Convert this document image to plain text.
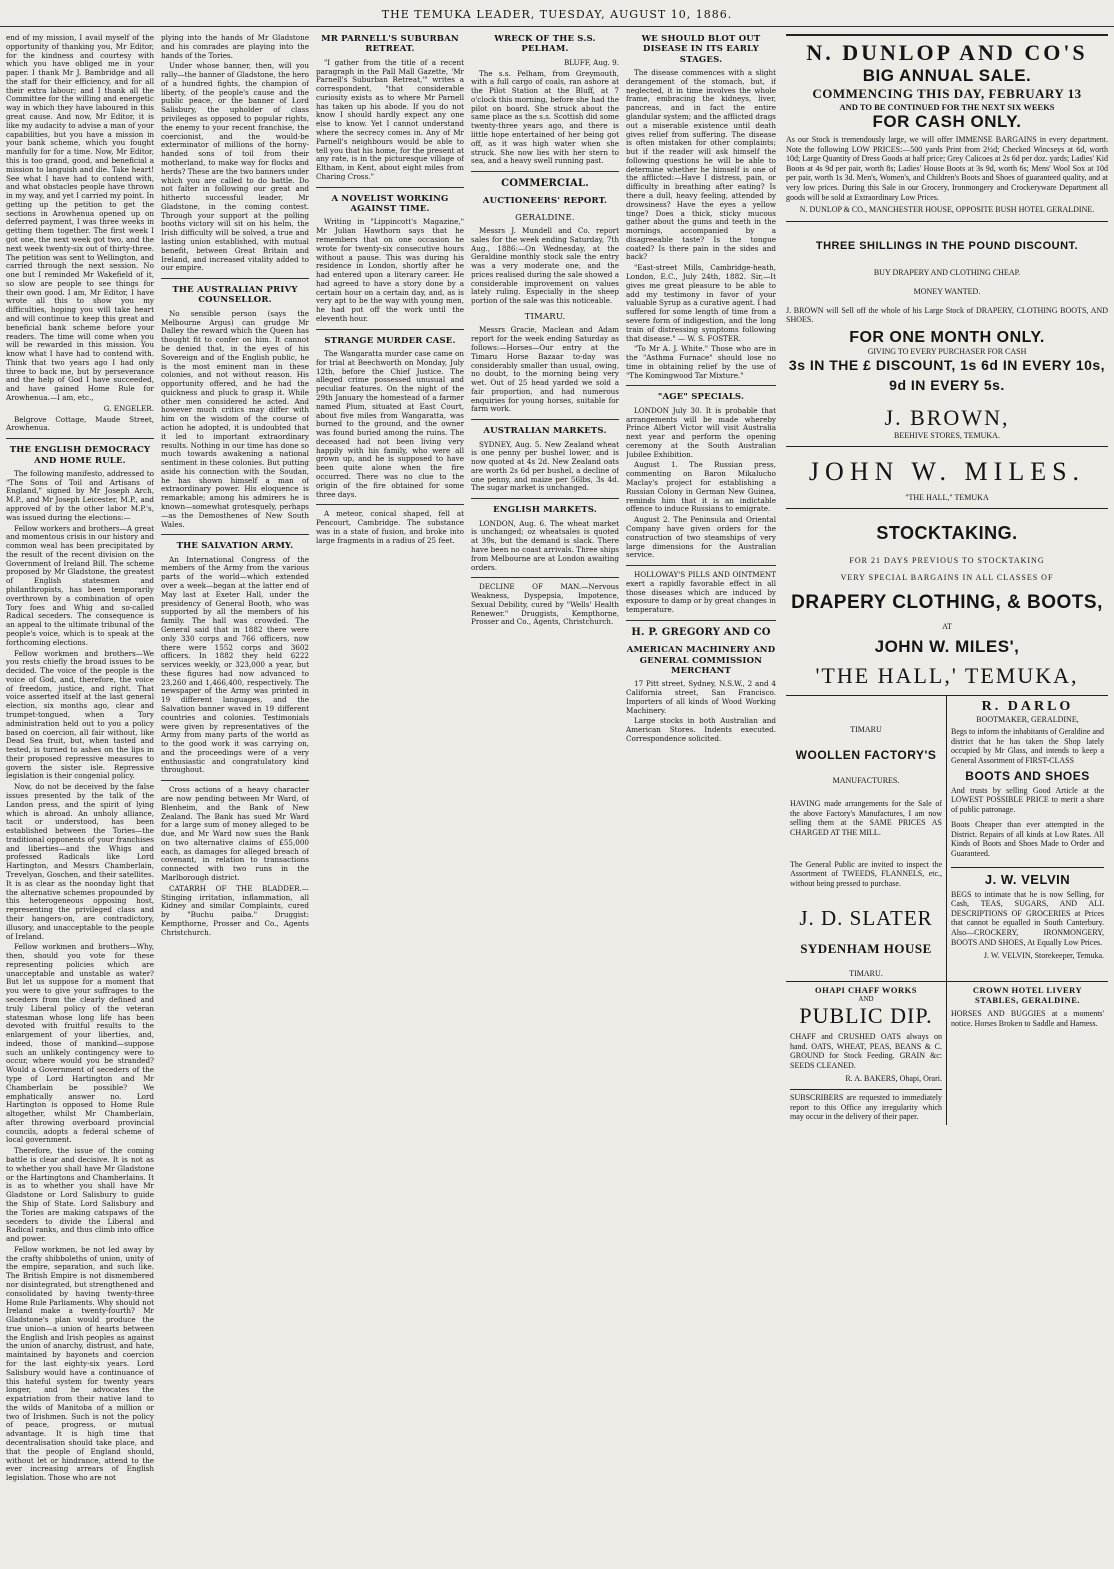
THE TEMUKA LEADER, TUESDAY, AUGUST 10, 1886.

end of my mission, I avail myself of the opportunity of thanking you, Mr Editor, for the kindness and courtesy with which you have obliged me in your paper. I thank Mr J. Bambridge and all the staff for their efficiency, and for all their extra labour; and I thank all the Committee for the willing and energetic way in which they have laboured in this great cause. And now, Mr Editor, it is like my audacity to advise a man of your capabilities, but you have a mission in your bank scheme, which you fought manfully for for a time. Now, Mr Editor, this is too grand, good, and beneficial a mission to languish and die. Take heart! See what I have had to contend with, and what obstacles people have thrown in my way, and yet I carried my point. In getting up the petition to get the sections in Arowhenua opened up on deferred payment, I was three weeks in getting them together. The first week I got one, the next week got two, and the next week twenty-six out of thirty-three. The petition was sent to Wellington, and carried through the next session. No one but I reminded Mr Wakefield of it, so slow are people to see things for their own good. I am, Mr Editor, I have wrote all this to show you my difficulties, hoping you will take heart and will continue to keep this great and beneficial bank scheme before your readers. The time will come when you will be rewarded in this mission. You know what I have had to contend with. Think that two years ago I had only three to back me, but by perseverance and the help of God I have succeeded, and have gained Home Rule for Arowhenua.—I am, etc.,

G. ENGELER.

Belgrove Cottage, Maude Street, Arowhenua.

THE ENGLISH DEMOCRACY AND HOME RULE.

The following manifesto, addressed to "The Sons of Toil and Artisans of England," signed by Mr Joseph Arch, M.P., and Mr Joseph Leicester, M.P., and approved of by the other labor M.P.'s, was issued during the elections:—

Fellow workers and brothers—A great and momentous crisis in our history and common weal has been precipitated by the result of the recent division on the Government of Ireland Bill. The scheme proposed by Mr Gladstone, the greatest of English statesmen and philanthropists, has been temporarily overthrown by a combination of open Tory foes and Whig and so-called Radical seceders. The consequence is an appeal to the ultimate tribunal of the people's voice, which is to speak at the forthcoming elections.

Fellow workmen and brothers—We you rests chiefly the broad issues to be decided. The voice of the people is the voice of God, and, therefore, the voice of freedom, justice, and right. That voice asserted itself at the last general election, six months ago, clear and trumpet-tongued, when a Tory administration held out to you a policy based on coercion, all fair without, like Dead Sea fruit, but, when tasted and tested, is turned to ashes on the lips in their proposed repressive measures to govern the sister isle. Repressive legislation is their congenial policy.

Now, do not be deceived by the false issues presented by the talk of the Landon press, and the spirit of lying which is abroad. An unholy alliance, tacit or understood, has been established between the Tories—the traditional opponents of your franchises and liberties—and the Whigs and professed Radicals like Lord Hartington, and Messrs Chamberlain, Trevelyan, Goschen, and their satellites. It is as clear as the noonday light that the alternative schemes propounded by this heterogeneous opposing host, representing the privileged class and their hangers-on, are contradictory, illusory, and unacceptable to the people of Ireland.

Fellow workmen and brothers—Why, then, should you vote for these representing policies which are unacceptable and unstable as water? But let us suppose for a moment that you were to give your suffrages to the seceders from the clearly defined and truly Liberal policy of the veteran statesman whose long life has been devoted with fruitful results to the enlargement of your liberties, and, indeed, those of mankind—suppose such an unlikely contingency were to occur, where would you be stranded? Would a Government of seceders of the type of Lord Hartington and Mr Chamberlain be possible? We emphatically answer no. Lord Hartington is opposed to Home Rule altogether, whilst Mr Chamberlain, after throwing overboard provincial councils, adopts a federal scheme of local government.

Therefore, the issue of the coming battle is clear and decisive. It is not as to whether you shall have Mr Gladstone or the Hartingtons and Chamberlains. It is as to whether you shall have Mr Gladstone or Lord Salisbury to guide the Ship of State. Lord Salisbury and the Tories are making catspaws of the seceders to divide the Liberal and Radical ranks, and thus climb into office and power.

Fellow workmen, be not led away by the crafty shibboleths of union, unity of the empire, separation, and such like. The British Empire is not dismembered nor disintegrated, but strengthened and consolidated by having twenty-three Home Rule Parliaments. Why should not Ireland make a twenty-fourth? Mr Gladstone's plan would produce the true union—a union of hearts between the English and Irish peoples as against the union of anarchy, distrust, and hate, maintained by bayonets and coercion for the last eighty-six years. Lord Salisbury would have a continuance of this hateful system for twenty years longer, and he advocates the expatriation from their native land to the wilds of Manitoba of a million or two of Irishmen. Such is not the policy of peace, progress, or mutual advantage. It is high time that decentralisation should take place, and that the people of England should, without let or hindrance, attend to the ever increasing arrears of English legislation. Those who are not

plying into the hands of Mr Gladstone and his comrades are playing into the hands of the Tories.

Under whose banner, then, will you rally—the banner of Gladstone, the hero of a hundred fights, the champion of liberty, of the people's cause and the public peace, or the banner of Lord Salisbury, the upholder of class privileges as opposed to popular rights, the enemy to your recent franchise, the coercionist, and the would-be exterminator of millions of the horny-handed sons of toil from their motherland, to make way for flocks and herds? These are the two banners under which you are called to do battle. Do not falter in following our great and hitherto successful leader, Mr Gladstone, in the coming contest. Through your support at the polling booths victory will sit on his helm, the Irish difficulty will be solved, a true and lasting union established, with mutual benefit, between Great Britain and Ireland, and increased vitality added to our empire.

THE AUSTRALIAN PRIVY COUNSELLOR.

No sensible person (says the Melbourne Argus) can grudge Mr Dalley the reward which the Queen has thought fit to confer on him. It cannot be denied that, in the eyes of his Sovereign and of the English public, he is the most eminent man in these colonies, and not without reason. His opportunity offered, and he had the quickness and pluck to grasp it. While other men considered he acted. And however much critics may differ with him on the wisdom of the course of action he adopted, it is undoubted that it led to important extraordinary results. Nothing in our time has done so much towards awakening a national sentiment in these colonies. But putting aside his connection with the Soudan, he has shown himself a man of extraordinary power. His eloquence is remarkable; among his admirers he is known—somewhat grotesquely, perhaps—as the Demosthenes of New South Wales.

THE SALVATION ARMY.

An International Congress of the members of the Army from the various parts of the world—which extended over a week—began at the latter end of May last at Exeter Hall, under the presidency of General Booth, who was supported by all the members of his family. The hall was crowded. The General said that in 1882 there were only 330 corps and 766 officers, now there were 1552 corps and 3602 officers. In 1882 they held 6222 services weekly, or 323,000 a year, but these figures had now advanced to 23,260 and 1,466,400, respectively. The newspaper of the Army was printed in 19 different languages, and the Salvation banner waved in 19 different countries and colonies. Testimonials were given by representatives of the Army from many parts of the world as to the good work it was carrying on, and the proceedings were of a very enthusiastic and congratulatory kind throughout.

Cross actions of a heavy character are now pending between Mr Ward, of Blenheim, and the Bank of New Zealand. The Bank has sued Mr Ward for a large sum of money alleged to be due, and Mr Ward now sues the Bank on two alternative claims of £55,000 each, as damages for alleged breach of covenant, in relation to transactions connected with two runs in the Marlborough district.

CATARRH OF THE BLADDER.—Stinging irritation, inflammation, all Kidney and similar Complaints, cured by "Buchu paiba." Druggist: Kempthorne, Prosser and Co., Agents Christchurch.

MR PARNELL'S SUBURBAN RETREAT.

"I gather from the title of a recent paragraph in the Pall Mall Gazette, 'Mr Parnell's Suburban Retreat,'" writes a correspondent, "that considerable curiosity exists as to where Mr Parnell has taken up his abode. If you do not know I should hardly expect any one else to know. Yet I cannot understand where the secrecy comes in. Any of Mr Parnell's neighbours would be able to tell you that his home, for the present at any rate, is in the picturesque village of Eltham, in Kent, about eight miles from Charing Cross."

A NOVELIST WORKING AGAINST TIME.

Writing in "Lippincott's Magazine," Mr Julian Hawthorn says that he remembers that on one occasion he wrote for twenty-six consecutive hours without a pause. This was during his residence in London, shortly after he had entered upon a literary career. He had agreed to have a story done by a certain hour on a certain day, and, as is very apt to be the way with young men, he had put off the work until the eleventh hour.

STRANGE MURDER CASE.

The Wangaratta murder case came on for trial at Beechworth on Monday, July 12th, before the Chief Justice. The alleged crime possessed unusual and peculiar features. On the night of the 29th January the homestead of a farmer named Plum, situated at East Court, about five miles from Wangaratta, was burned to the ground, and the owner was found buried among the ruins. The deceased had not been living very happily with his family, who were all grown up, and he is supposed to have been quite alone when the fire occurred. There was no clue to the origin of the fire obtained for some three days.

A meteor, conical shaped, fell at Pencourt, Cambridge. The substance was in a state of fusion, and broke into large fragments in a radius of 25 feet.

WRECK OF THE S.S. PELHAM.

BLUFF, Aug. 9.

The s.s. Pelham, from Greymouth, with a full cargo of coals, ran ashore at the Pilot Station at the Bluff, at 7 o'clock this morning, before she had the pilot on board. She struck about the same place as the s.s. Scottish did some twenty-three years ago, and there is little hope entertained of her being got off, as it was high water when she struck. She now lies with her stern to sea, and a heavy swell running past.

COMMERCIAL.
AUCTIONEERS' REPORT.
GERALDINE.

Messrs J. Mundell and Co. report sales for the week ending Saturday, 7th Aug., 1886:—On Wednesday, at the Geraldine monthly stock sale the entry was a very moderate one, and the prices realised during the sale showed a considerable improvement on values lately ruling. Especially in the sheep portion of the sale was this noticeable.

TIMARU.

Messrs Gracie, Maclean and Adam report for the week ending Saturday as follows:—Horses—Our entry at the Timaru Horse Bazaar to-day was considerably smaller than usual, owing, no doubt, to the morning being very wet. Out of 25 head yarded we sold a fair proportion, and had numerous enquiries for young horses, suitable for farm work.

AUSTRALIAN MARKETS.

SYDNEY, Aug. 5. New Zealand wheat is one penny per bushel lower, and is now quoted at 4s 2d. New Zealand oats are worth 2s 6d per bushel, a decline of one penny, and maize per 56lbs, 3s 4d. The sugar market is unchanged.

ENGLISH MARKETS.

LONDON, Aug. 6. The wheat market is unchanged; oz wheatsales is quoted at 39s, but the demand is slack. There have been no coast arrivals. Three ships from Melbourne are at London awaiting orders.

DECLINE OF MAN.—Nervous Weakness, Dyspepsia, Impotence, Sexual Debility, cured by "Wells' Health Renewer." Druggists, Kempthorne, Prosser and Co., Agents, Christchurch.

WE SHOULD BLOT OUT DISEASE IN ITS EARLY STAGES.

The disease commences with a slight derangement of the stomach, but, if neglected, it in time involves the whole frame, embracing the kidneys, liver, pancreas, and in fact the entire glandular system; and the afflicted drags out a miserable existence until death gives relief from suffering. The disease is often mistaken for other complaints; but if the reader will ask himself the following questions he will be able to determine whether he himself is one of the afflicted:—Have I distress, pain, or difficulty in breathing after eating? Is there a dull, heavy feeling, attended by drowsiness? Have the eyes a yellow tinge? Does a thick, sticky mucous gather about the gums and teeth in the mornings, accompanied by a disagreeable taste? Is the tongue coated? Is there pain in the sides and back?

"East-street Mills, Cambridge-heath, London, E.C., July 24th, 1882. Sir,—It gives me great pleasure to be able to add my testimony in favor of your valuable Syrup as a curative agent. I had suffered for some length of time from a severe form of indigestion, and the long train of distressing symptoms following that disease." — W. S. FOSTER.

"To Mr A. J. White." Those who are in the "Asthma Furnace" should lose no time in obtaining relief by the use of "The Komingwood Tar Mixture."

"AGE" SPECIALS.

LONDON July 30. It is probable that arrangements will be made whereby Prince Albert Victor will visit Australia next year and perform the opening ceremony at the South Australian Jubilee Exhibition.

August 1. The Russian press, commenting on Baron Mikalucho Maclay's project for establishing a Russian Colony in German New Guinea, reminds him that it is an indictable offence to induce Russians to emigrate.

August 2. The Peninsula and Oriental Company have given orders for the construction of two steamships of very large dimensions for the Australian service.

HOLLOWAY'S PILLS AND OINTMENT exert a rapidly favorable effect in all those diseases which are induced by exposure to damp or by great changes in temperature.

H. P. GREGORY AND CO
AMERICAN MACHINERY AND GENERAL COMMISSION MERCHANT

17 Pitt street, Sydney, N.S.W., 2 and 4 California street, San Francisco. Importers of all kinds of Wood Working Machinery.

Large stocks in both Australian and American Stores. Indents executed. Correspondence solicited.

N. DUNLOP AND CO'S
BIG ANNUAL SALE.
COMMENCING THIS DAY, FEBRUARY 13
AND TO BE CONTINUED FOR THE NEXT SIX WEEKS
FOR CASH ONLY.
As our Stock is tremendously large, we will offer IMMENSE BARGAINS in every department. Note the following LOW PRICES:—500 yards Print from 2½d; Checked Wincseys at 6d, worth 10d; Large Quantity of Dress Goods at half price; Grey Calicoes at 2s 6d per doz. yards; Ladies' Kid Boots at 4s 9d per pair, worth 8s; Ladies' House Boots at 3s 9d, worth 6s; Mens' Wool Sox at 10d per pair, worth 1s 3d. Men's, Women's, and Children's Boots and Shoes of guaranteed quality, and at very low prices. During this Sale in our Grocery, Ironmongery and Crockeryware Department all goods will be sold at Extraordinary Low Prices.
N. DUNLOP & CO., MANCHESTER HOUSE, OPPOSITE BUSH HOTEL GERALDINE.
THREE SHILLINGS IN THE POUND DISCOUNT.
BUY DRAPERY AND CLOTHING CHEAP.
MONEY WANTED.
J. BROWN will Sell off the whole of his Large Stock of DRAPERY, CLOTHING BOOTS, AND SHOES.
FOR ONE MONTH ONLY.
GIVING TO EVERY PURCHASER FOR CASH
3s IN THE £ DISCOUNT, 1s 6d IN EVERY 10s, 9d IN EVERY 5s.
J. BROWN,
BEEHIVE STORES, TEMUKA.
JOHN W. MILES.
"THE HALL," TEMUKA
STOCKTAKING.
FOR 21 DAYS PREVIOUS TO STOCKTAKING
VERY SPECIAL BARGAINS IN ALL CLASSES OF
DRAPERY CLOTHING, & BOOTS,
AT
JOHN W. MILES',
'THE HALL,' TEMUKA,
TIMARU
WOOLLEN FACTORY'S
MANUFACTURES.
HAVING made arrangements for the Sale of the above Factory's Manufactures, I am now selling them at the SAME PRICES AS CHARGED AT THE MILL.
The General Public are invited to inspect the Assortment of TWEEDS, FLANNELS, etc., without being pressed to purchase.
J. D. SLATER
SYDENHAM HOUSE
TIMARU.
R. DARLO
BOOTMAKER, GERALDINE,
Begs to inform the inhabitants of Geraldine and district that he has taken the Shop lately occupied by Mr Glass, and intends to keep a General Assortment of FIRST-CLASS
BOOTS AND SHOES
And trusts by selling Good Article at the LOWEST POSSIBLE PRICE to merit a share of public patronage.
Boots Cheaper than ever attempted in the District. Repairs of all kinds at Low Rates. All Kinds of Boots and Shoes Made to Order and Guaranteed.
J. W. VELVIN
BEGS to intimate that he is now Selling, for Cash, TEAS, SUGARS, AND ALL DESCRIPTIONS OF GROCERIES at Prices that cannot be equalled in South Canterbury. Also—CROCKERY, IRONMONGERY, BOOTS AND SHOES, At Equally Low Prices.
J. W. VELVIN, Storekeeper, Temuka.
OHAPI CHAFF WORKS
AND
PUBLIC DIP.
CHAFF and CRUSHED OATS always on hand. OATS, WHEAT, PEAS, BEANS & C. GROUND for Stock Feeding. GRAIN &c: SEEDS CLEANED.
R. A. BAKERS, Ohapi, Orari.
SUBSCRIBERS are requested to immediately report to this Office any irregularity which may occur in the delivery of their paper.
CROWN HOTEL LIVERY STABLES, GERALDINE.
HORSES AND BUGGIES at a moments' notice. Horses Broken to Saddle and Harness.
